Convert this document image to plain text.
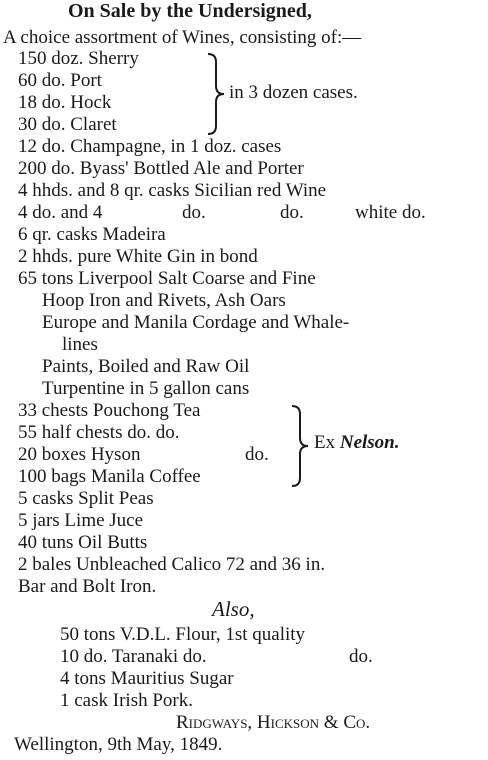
On Sale by the Undersigned,
A choice assortment of Wines, consisting of:—
150 doz. Sherry
60 do. Port
18 do. Hock
30 do. Claret
in 3 dozen cases.
12 do. Champagne, in 1 doz. cases
200 do. Byass' Bottled Ale and Porter
4 hhds. and 8 qr. casks Sicilian red Wine
4 do. and 4	do.	do.	white do.
6 qr. casks Madeira
2 hhds. pure White Gin in bond
65 tons Liverpool Salt Coarse and Fine
Hoop Iron and Rivets, Ash Oars
Europe and Manila Cordage and Whale-
lines
Paints, Boiled and Raw Oil
Turpentine in 5 gallon cans
33 chests Pouchong Tea
55 half chests do. do.
20 boxes Hyson	do.
100 bags Manila Coffee
Ex Nelson.
5 casks Split Peas
5 jars Lime Juce
40 tuns Oil Butts
2 bales Unbleached Calico 72 and 36 in.
Bar and Bolt Iron.
Also,
50 tons V.D.L. Flour, 1st quality
10 do. Taranaki do.	do.
4 tons Mauritius Sugar
1 cask Irish Pork.
Ridgways, Hickson & Co.
Wellington, 9th May, 1849.
